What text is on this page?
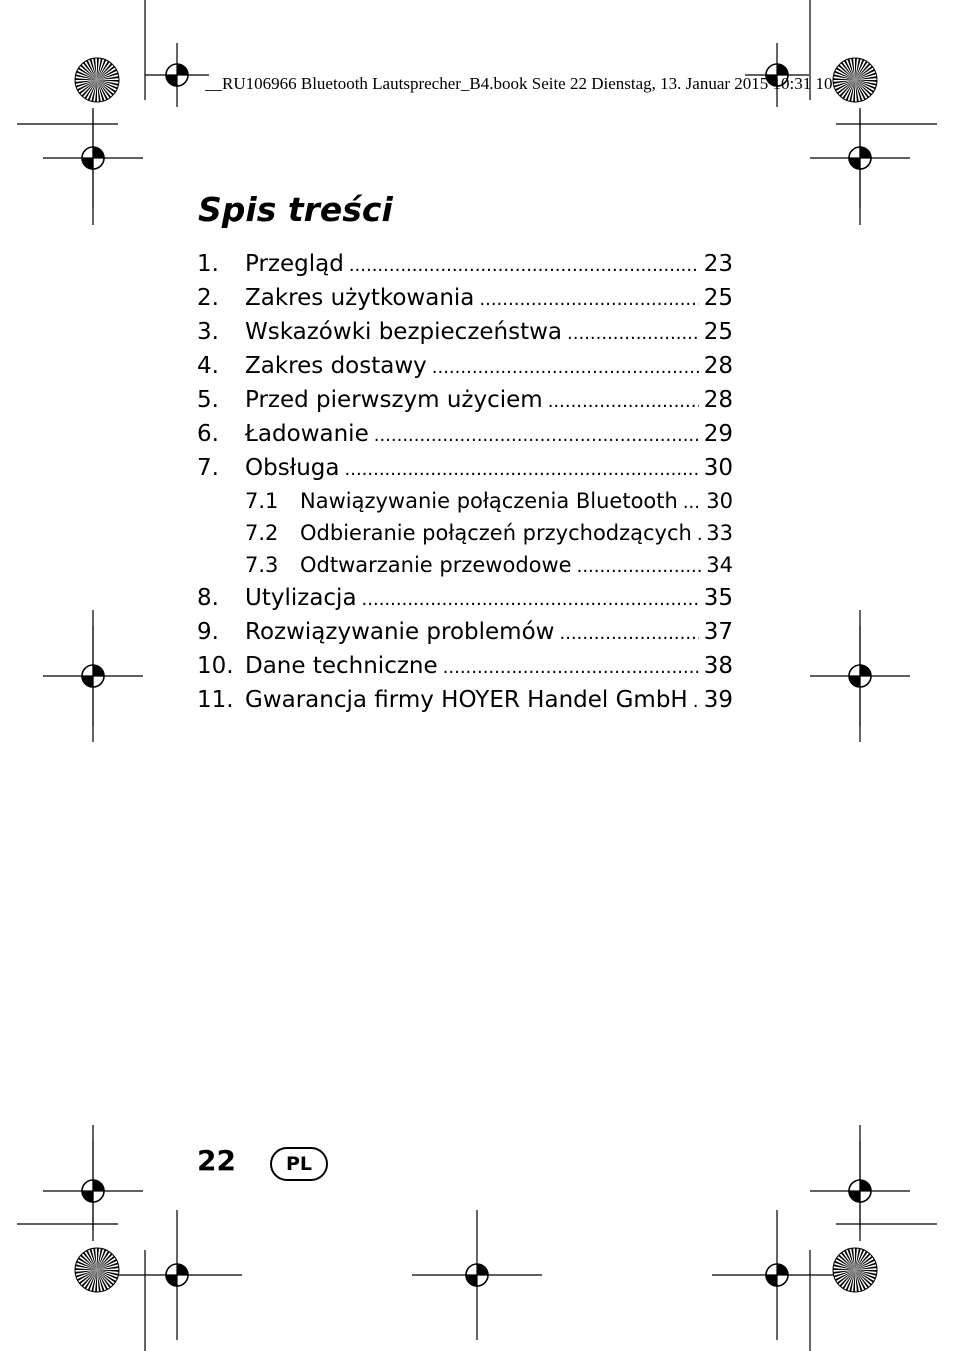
__RU106966 Bluetooth Lautsprecher_B4.book Seite 22 Dienstag, 13. Januar 2015 10:31 10
Spis treści
1.	Przegląd .....	23
2.	Zakres użytkowania .....	25
3.	Wskazówki bezpieczeństwa .....	25
4.	Zakres dostawy .....	28
5.	Przed pierwszym użyciem .....	28
6.	Ładowanie .....	29
7.	Obsługa .....	30
7.1	Nawiązywanie połączenia Bluetooth ..... 30
7.2	Odbieranie połączeń przychodzących ..... 33
7.3	Odtwarzanie przewodowe .....	34
8.	Utylizacja .....	35
9.	Rozwiązywanie problemów .....	37
10. Dane techniczne .....	38
11. Gwarancja firmy HOYER Handel GmbH ..... 39
22	PL
